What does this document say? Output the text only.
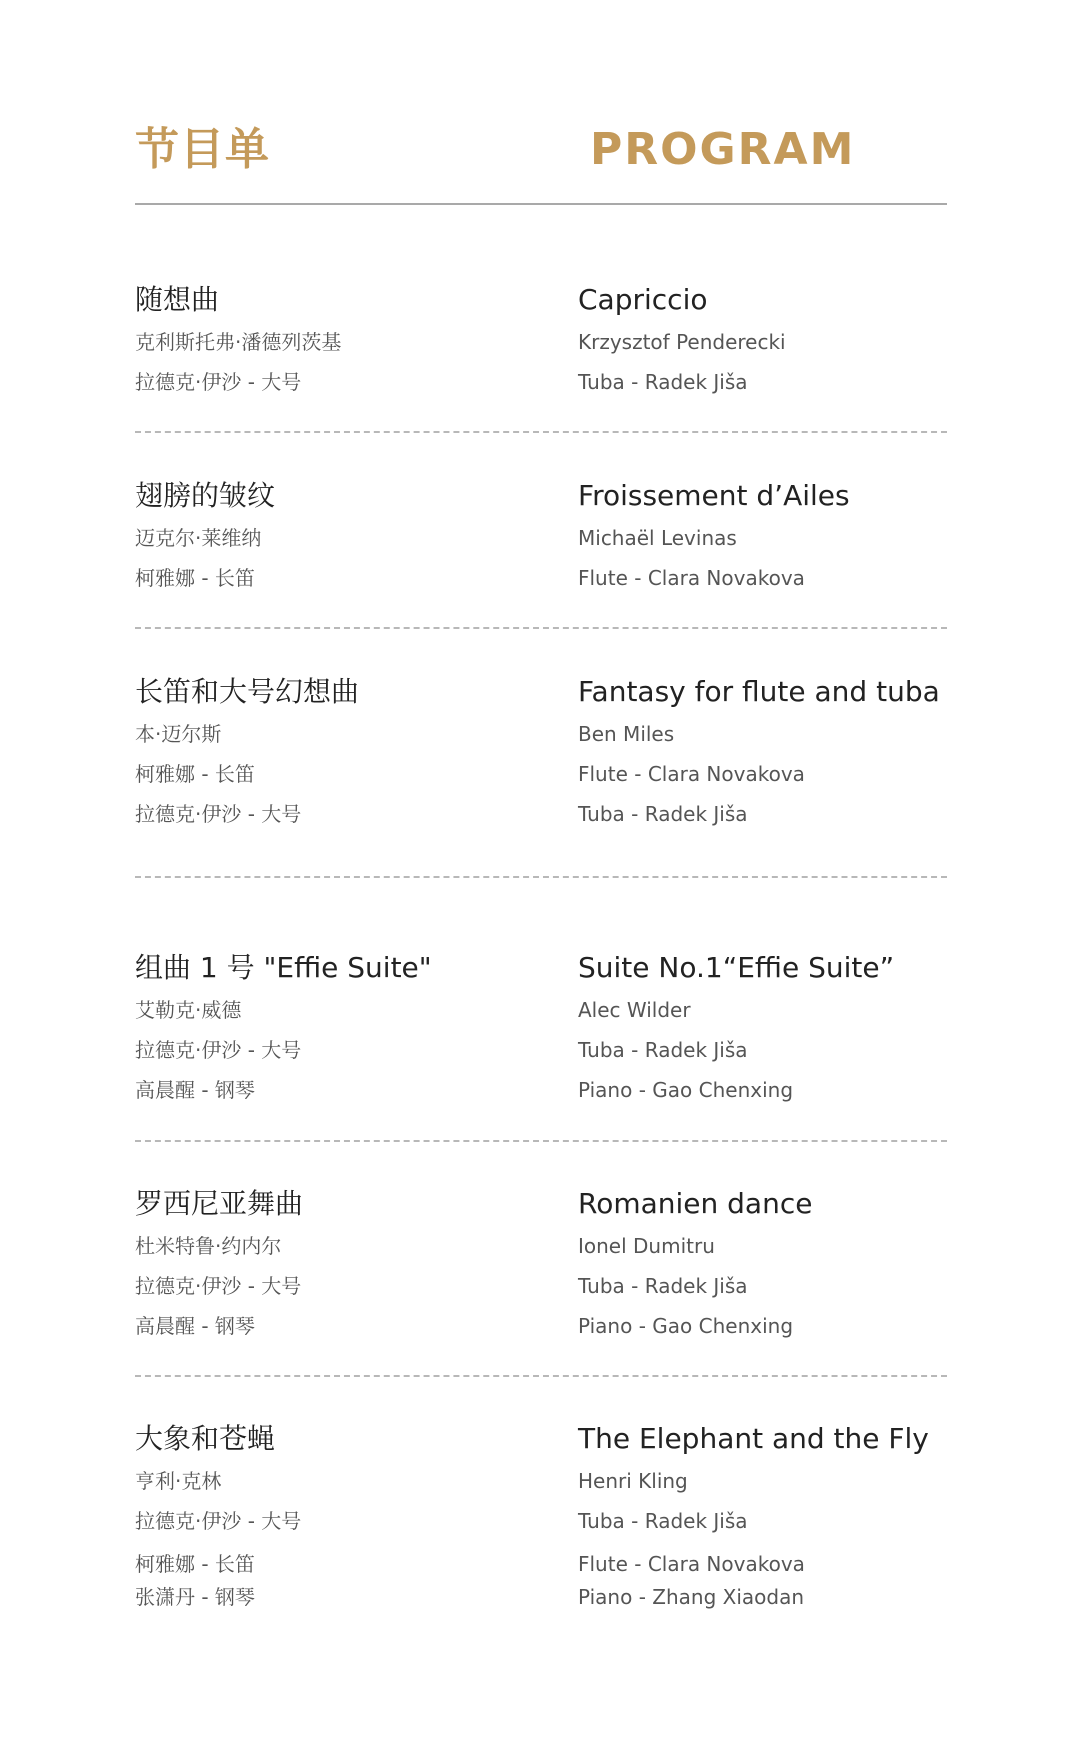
节目单	PROGRAM
随想曲
克利斯托弗·潘德列茨基
拉德克·伊沙 - 大号
Capriccio
Krzysztof Penderecki
Tuba - Radek Jiša
翅膀的皱纹
迈克尔·莱维纳
柯雅娜 - 长笛
Froissement d’Ailes
Michaël Levinas
Flute - Clara Novakova
长笛和大号幻想曲
本·迈尔斯
柯雅娜 - 长笛
拉德克·伊沙 - 大号
Fantasy for flute and tuba
Ben Miles
Flute - Clara Novakova
Tuba - Radek Jiša
组曲 1 号 "Effie Suite"
艾勒克·威德
拉德克·伊沙 - 大号
高晨醒 - 钢琴
Suite No.1“Effie Suite”
Alec Wilder
Tuba - Radek Jiša
Piano - Gao Chenxing
罗西尼亚舞曲
杜米特鲁·约内尔
拉德克·伊沙 - 大号
高晨醒 - 钢琴
Romanien dance
Ionel Dumitru
Tuba - Radek Jiša
Piano - Gao Chenxing
大象和苍蝇
亨利·克林
拉德克·伊沙 - 大号
柯雅娜 - 长笛
张潇丹 - 钢琴
The Elephant and the Fly
Henri Kling
Tuba - Radek Jiša
Flute - Clara Novakova
Piano - Zhang Xiaodan
